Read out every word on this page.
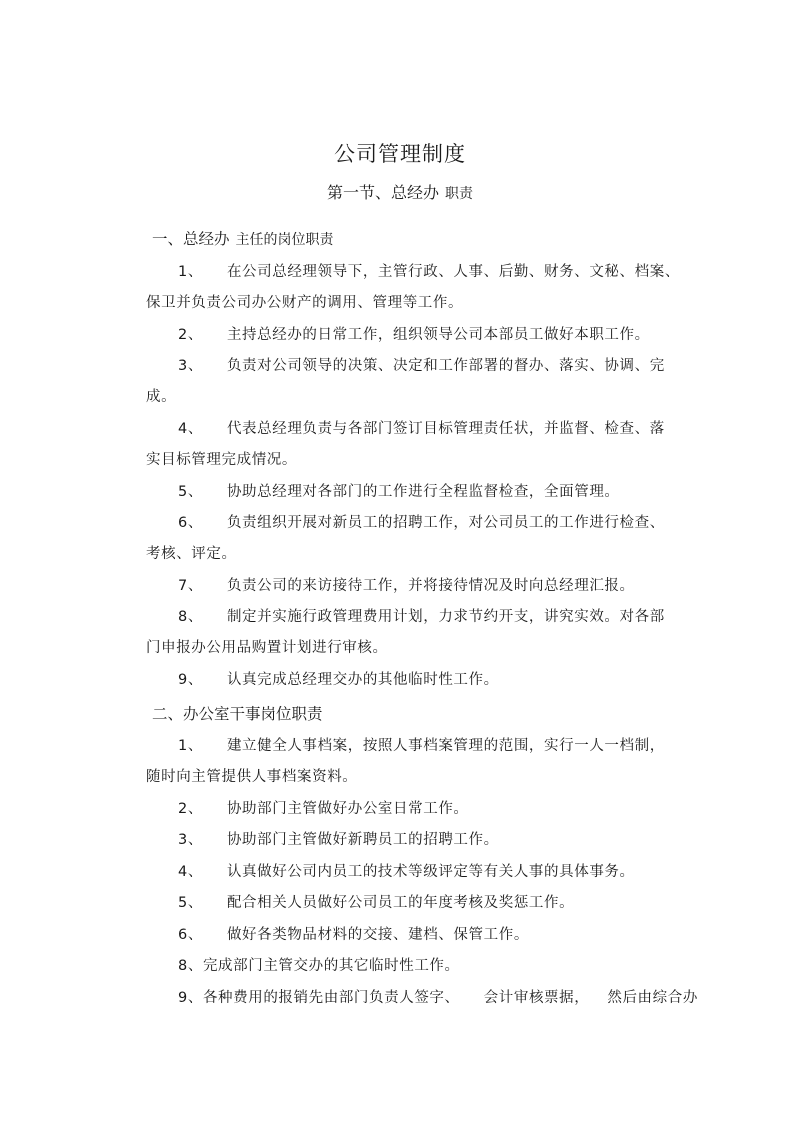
公司管理制度
第一节、总经办 职责
一、总经办 主任的岗位职责
1、 在公司总经理领导下，主管行政、人事、后勤、财务、文秘、档案、
保卫并负责公司办公财产的调用、管理等工作。
2、 主持总经办的日常工作，组织领导公司本部员工做好本职工作。
3、 负责对公司领导的决策、决定和工作部署的督办、落实、协调、完
成。
4、 代表总经理负责与各部门签订目标管理责任状，并监督、检查、落
实目标管理完成情况。
5、 协助总经理对各部门的工作进行全程监督检查，全面管理。
6、 负责组织开展对新员工的招聘工作，对公司员工的工作进行检查、
考核、评定。
7、 负责公司的来访接待工作，并将接待情况及时向总经理汇报。
8、 制定并实施行政管理费用计划，力求节约开支，讲究实效。对各部
门申报办公用品购置计划进行审核。
9、 认真完成总经理交办的其他临时性工作。
二、办公室干事岗位职责
1、 建立健全人事档案，按照人事档案管理的范围，实行一人一档制，
随时向主管提供人事档案资料。
2、 协助部门主管做好办公室日常工作。
3、 协助部门主管做好新聘员工的招聘工作。
4、 认真做好公司内员工的技术等级评定等有关人事的具体事务。
5、 配合相关人员做好公司员工的年度考核及奖惩工作。
6、 做好各类物品材料的交接、建档、保管工作。
8、完成部门主管交办的其它临时性工作。
9、各种费用的报销先由部门负责人签字、 会计审核票据， 然后由综合办
